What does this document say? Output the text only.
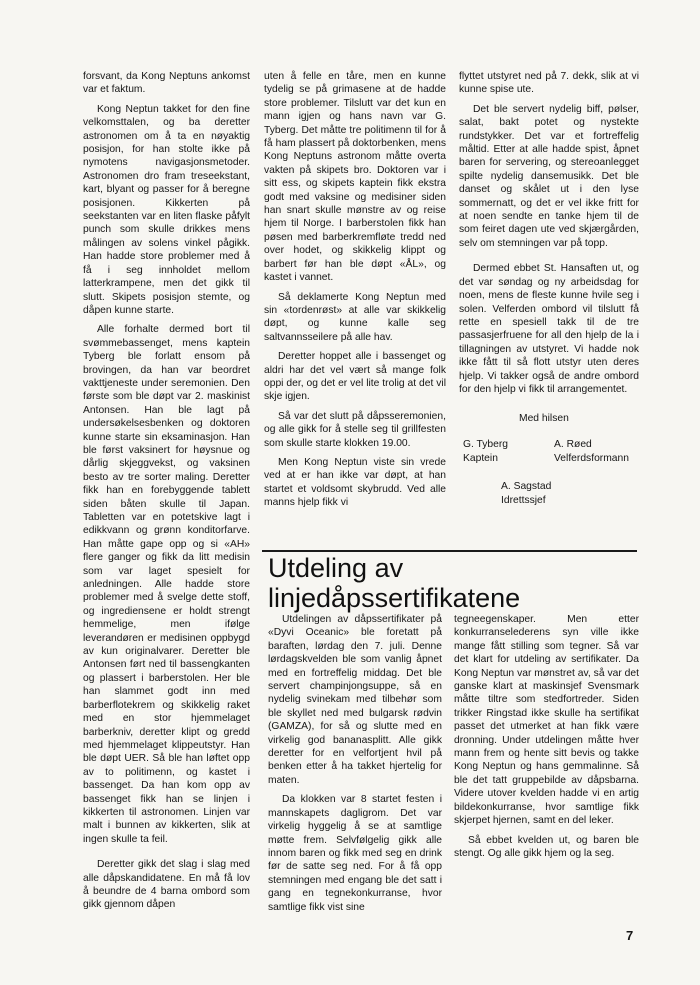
forsvant, da Kong Neptuns ankomst var et faktum.

Kong Neptun takket for den fine velkomsttalen, og ba deretter astronomen om å ta en nøyaktig posisjon, for han stolte ikke på nymotens navigasjonsmetoder. Astronomen dro fram treseekstant, kart, blyant og passer for å beregne posisjonen. Kikkerten på seekstanten var en liten flaske påfylt punch som skulle drikkes mens målingen av solens vinkel pågikk. Han hadde store problemer med å få i seg innholdet mellom latterkrampene, men det gikk til slutt. Skipets posisjon stemte, og dåpen kunne starte.

Alle forhalte dermed bort til svømmebassenget, mens kaptein Tyberg ble forlatt ensom på brovingen, da han var beordret vakttjeneste under seremonien. Den første som ble døpt var 2. maskinist Antonsen. Han ble lagt på undersøkelsesbenken og doktoren kunne starte sin eksaminasjon. Han ble først vaksinert for høysnue og dårlig skjeggvekst, og vaksinen besto av tre sorter maling. Deretter fikk han en forebyggende tablett siden båten skulle til Japan. Tabletten var en potetskive lagt i edikkvann og grønn konditorfarve. Han måtte gape opp og si «AH» flere ganger og fikk da litt medisin som var laget spesielt for anledningen. Alle hadde store problemer med å svelge dette stoff, og ingrediensene er holdt strengt hemmelige, men ifølge leverandøren er medisinen oppbygd av kun originalvarer. Deretter ble Antonsen ført ned til bassengkanten og plassert i barberstolen. Her ble han slammet godt inn med barberflotekrem og skikkelig raket med en stor hjemmelaget barberkniv, deretter klipt og gredd med hjemmelaget klippeutstyr. Han ble døpt UER. Så ble han løftet opp av to politimenn, og kastet i bassenget. Da han kom opp av bassenget fikk han se linjen i kikkerten til astronomen. Linjen var malt i bunnen av kikkerten, slik at ingen skulle ta feil.

Deretter gikk det slag i slag med alle dåpskandidatene. En må få lov å beundre de 4 barna ombord som gikk gjennom dåpen

uten å felle en tåre, men en kunne tydelig se på grimasene at de hadde store problemer. Tilslutt var det kun en mann igjen og hans navn var G. Tyberg. Det måtte tre politimenn til for å få ham plassert på doktorbenken, mens Kong Neptuns astronom måtte overta vakten på skipets bro. Doktoren var i sitt ess, og skipets kaptein fikk ekstra godt med vaksine og medisiner siden han snart skulle mønstre av og reise hjem til Norge. I barberstolen fikk han pøsen med barberkremfløte tredd ned over hodet, og skikkelig klippt og barbert før han ble døpt «ÅL», og kastet i vannet.

Så deklamerte Kong Neptun med sin «tordenrøst» at alle var skikkelig døpt, og kunne kalle seg saltvannsseilere på alle hav.

Deretter hoppet alle i bassenget og aldri har det vel vært så mange folk oppi der, og det er vel lite trolig at det vil skje igjen.

Så var det slutt på dåpsseremonien, og alle gikk for å stelle seg til grillfesten som skulle starte klokken 19.00.

Men Kong Neptun viste sin vrede ved at er han ikke var døpt, at han startet et voldsomt skybrudd. Ved alle manns hjelp fikk vi

flyttet utstyret ned på 7. dekk, slik at vi kunne spise ute.

Det ble servert nydelig biff, pølser, salat, bakt potet og nystekte rundstykker. Det var et fortreffelig måltid. Etter at alle hadde spist, åpnet baren for servering, og stereoanlegget spilte nydelig dansemusikk. Det ble danset og skålet ut i den lyse sommernatt, og det er vel ikke fritt for at noen sendte en tanke hjem til de som feiret dagen ute ved skjærgården, selv om stemningen var på topp.

Dermed ebbet St. Hansaften ut, og det var søndag og ny arbeidsdag for noen, mens de fleste kunne hvile seg i solen. Velferden ombord vil tilslutt få rette en spesiell takk til de tre passasjerfruene for all den hjelp de la i tillagningen av utstyret. Vi hadde nok ikke fått til så flott utstyr uten deres hjelp. Vi takker også de andre ombord for den hjelp vi fikk til arrangementet.

Med hilsen
G. Tyberg
Kaptein
A. Røed
Velferdsformann
A. Sagstad
Idrettssjef
Utdeling av linjedåpssertifikatene

Utdelingen av dåpssertifikater på «Dyvi Oceanic» ble foretatt på baraften, lørdag den 7. juli. Denne lørdagskvelden ble som vanlig åpnet med en fortreffelig middag. Det ble servert champinjongsuppe, så en nydelig svinekam med tilbehør som ble skyllet ned med bulgarsk rødvin (GAMZA), for så og slutte med en virkelig god bananasplitt. Alle gikk deretter for en velfortjent hvil på benken etter å ha takket hjertelig for maten.

Da klokken var 8 startet festen i mannskapets dagligrom. Det var virkelig hyggelig å se at samtlige møtte frem. Selvfølgelig gikk alle innom baren og fikk med seg en drink før de satte seg ned. For å få opp stemningen med engang ble det satt i gang en tegnekonkurranse, hvor samtlige fikk vist sine

tegneegenskaper. Men etter konkurranselederens syn ville ikke mange fått stilling som tegner. Så var det klart for utdeling av sertifikater. Da Kong Neptun var mønstret av, så var det ganske klart at maskinsjef Svensmark måtte tiltre som stedfortreder. Siden trikker Ringstad ikke skulle ha sertifikat passet det utmerket at han fikk være dronning. Under utdelingen måtte hver mann frem og hente sitt bevis og takke Kong Neptun og hans gemmalinne. Så ble det tatt gruppebilde av dåpsbarna. Videre utover kvelden hadde vi en artig bildekonkurranse, hvor samtlige fikk skjerpet hjernen, samt en del leker.

Så ebbet kvelden ut, og baren ble stengt. Og alle gikk hjem og la seg.

7
